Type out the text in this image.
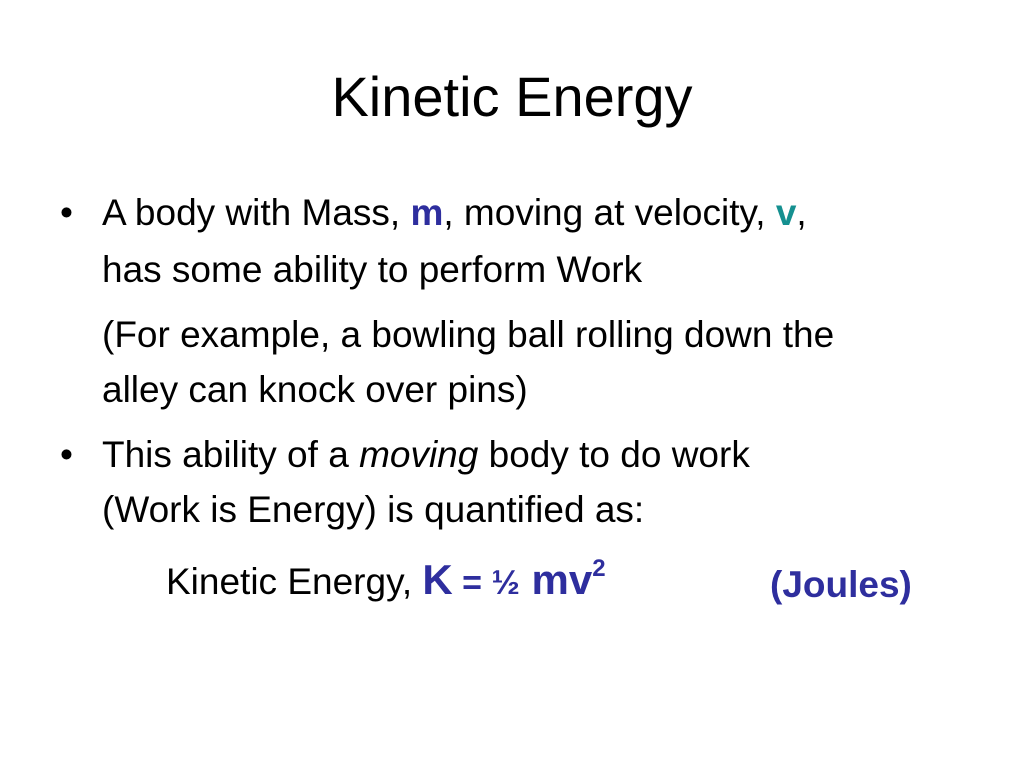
Kinetic Energy
• A body with Mass, m, moving at velocity, v,
has some ability to perform Work
(For example, a bowling ball rolling down the
alley can knock over pins)
• This ability of a moving body to do work
(Work is Energy) is quantified as:
Kinetic Energy, K = ½ $mv^2$	(Joules)
